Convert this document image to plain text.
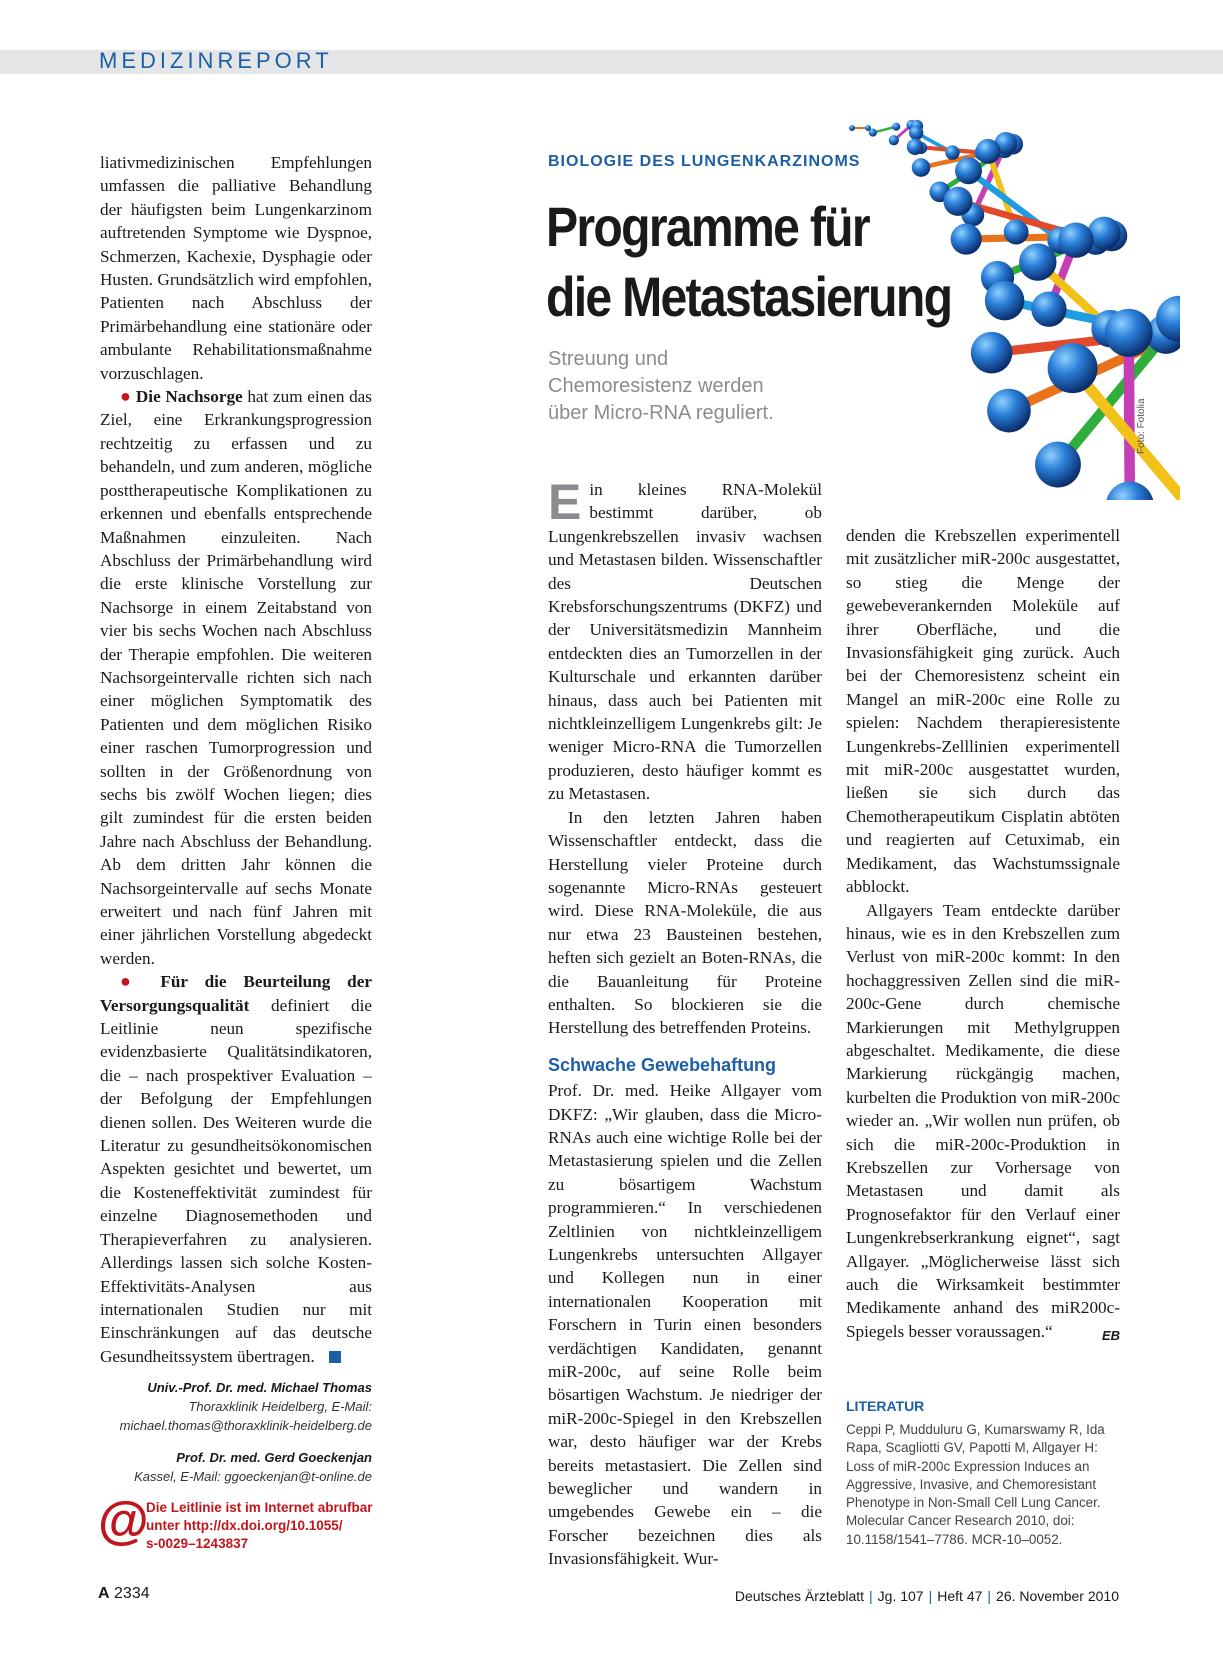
MEDIZINREPORT

liativmedizinischen Empfehlungen umfassen die palliative Behandlung der häufigsten beim Lungenkarzinom auftretenden Symptome wie Dyspnoe, Schmerzen, Kachexie, Dysphagie oder Husten. Grundsätzlich wird empfohlen, Patienten nach Abschluss der Primärbehandlung eine stationäre oder ambulante Rehabilitationsmaßnahme vorzuschlagen.

● Die Nachsorge hat zum einen das Ziel, eine Erkrankungsprogression rechtzeitig zu erfassen und zu behandeln, und zum anderen, mögliche posttherapeutische Komplikationen zu erkennen und ebenfalls entsprechende Maßnahmen einzuleiten. Nach Abschluss der Primärbehandlung wird die erste klinische Vorstellung zur Nachsorge in einem Zeitabstand von vier bis sechs Wochen nach Abschluss der Therapie empfohlen. Die weiteren Nachsorgeintervalle richten sich nach einer möglichen Symptomatik des Patienten und dem möglichen Risiko einer raschen Tumorprogression und sollten in der Größenordnung von sechs bis zwölf Wochen liegen; dies gilt zumindest für die ersten beiden Jahre nach Abschluss der Behandlung. Ab dem dritten Jahr können die Nachsorgeintervalle auf sechs Monate erweitert und nach fünf Jahren mit einer jährlichen Vorstellung abgedeckt werden.

● Für die Beurteilung der Versorgungsqualität definiert die Leitlinie neun spezifische evidenzbasierte Qualitätsindikatoren, die – nach prospektiver Evaluation – der Befolgung der Empfehlungen dienen sollen. Des Weiteren wurde die Literatur zu gesundheitsökonomischen Aspekten gesichtet und bewertet, um die Kosteneffektivität zumindest für einzelne Diagnosemethoden und Therapieverfahren zu analysieren. Allerdings lassen sich solche Kosten-Effektivitäts-Analysen aus internationalen Studien nur mit Einschränkungen auf das deutsche Gesundheitssystem übertragen.

Univ.-Prof. Dr. med. Michael Thomas
Thoraxklinik Heidelberg, E-Mail:
michael.thomas@thoraxklinik-heidelberg.de
Prof. Dr. med. Gerd Goeckenjan
Kassel, E-Mail: ggoeckenjan@t-online.de
@
Die Leitlinie ist im Internet abrufbar
unter http://dx.doi.org/10.1055/
s-0029–1243837
Foto: Fotolia
BIOLOGIE DES LUNGENKARZINOMS
Programme für
die Metastasierung
Streuung und Chemoresistenz werden über Micro-RNA reguliert.

Ein kleines RNA-Molekül bestimmt darüber, ob Lungenkrebszellen invasiv wachsen und Metastasen bilden. Wissenschaftler des Deutschen Krebsforschungszentrums (DKFZ) und der Universitätsmedizin Mannheim entdeckten dies an Tumorzellen in der Kulturschale und erkannten darüber hinaus, dass auch bei Patienten mit nichtkleinzelligem Lungenkrebs gilt: Je weniger Micro-RNA die Tumorzellen produzieren, desto häufiger kommt es zu Metastasen.

In den letzten Jahren haben Wissenschaftler entdeckt, dass die Herstellung vieler Proteine durch sogenannte Micro-RNAs gesteuert wird. Diese RNA-Moleküle, die aus nur etwa 23 Bausteinen bestehen, heften sich gezielt an Boten-RNAs, die die Bauanleitung für Proteine enthalten. So blockieren sie die Herstellung des betreffenden Proteins.

Schwache Gewebehaftung

Prof. Dr. med. Heike Allgayer vom DKFZ: „Wir glauben, dass die Micro-RNAs auch eine wichtige Rolle bei der Metastasierung spielen und die Zellen zu bösartigem Wachstum programmieren.“ In verschiedenen Zeltlinien von nichtkleinzelligem Lungenkrebs untersuchten Allgayer und Kollegen nun in einer internationalen Kooperation mit Forschern in Turin einen besonders verdächtigen Kandidaten, genannt miR-200c, auf seine Rolle beim bösartigen Wachstum. Je niedriger der miR-200c-Spiegel in den Krebszellen war, desto häufiger war der Krebs bereits metastasiert. Die Zellen sind beweglicher und wandern in umgebendes Gewebe ein – die Forscher bezeichnen dies als Invasionsfähigkeit. Wur-

denden die Krebszellen experimentell mit zusätzlicher miR-200c ausgestattet, so stieg die Menge der gewebeverankernden Moleküle auf ihrer Oberfläche, und die Invasionsfähigkeit ging zurück. Auch bei der Chemoresistenz scheint ein Mangel an miR-200c eine Rolle zu spielen: Nachdem therapieresistente Lungenkrebs-Zelllinien experimentell mit miR-200c ausgestattet wurden, ließen sie sich durch das Chemotherapeutikum Cisplatin abtöten und reagierten auf Cetuximab, ein Medikament, das Wachstumssignale abblockt.

Allgayers Team entdeckte darüber hinaus, wie es in den Krebszellen zum Verlust von miR-200c kommt: In den hochaggressiven Zellen sind die miR-200c-Gene durch chemische Markierungen mit Methylgruppen abgeschaltet. Medikamente, die diese Markierung rückgängig machen, kurbelten die Produktion von miR-200c wieder an. „Wir wollen nun prüfen, ob sich die miR-200c-Produktion in Krebszellen zur Vorhersage von Metastasen und damit als Prognosefaktor für den Verlauf einer Lungenkrebserkrankung eignet“, sagt Allgayer. „Möglicherweise lässt sich auch die Wirksamkeit bestimmter Medikamente anhand des miR200c-Spiegels besser voraussagen.“	EB

LITERATUR
Ceppi P, Mudduluru G, Kumarswamy R, Ida Rapa, Scagliotti GV, Papotti M, Allgayer H: Loss of miR-200c Expression Induces an Aggressive, Invasive, and Chemoresistant Phenotype in Non-Small Cell Lung Cancer. Molecular Cancer Research 2010, doi: 10.1158/1541–7786. MCR-10–0052.
A 2334	Deutsches Ärzteblatt | Jg. 107 | Heft 47 | 26. November 2010
